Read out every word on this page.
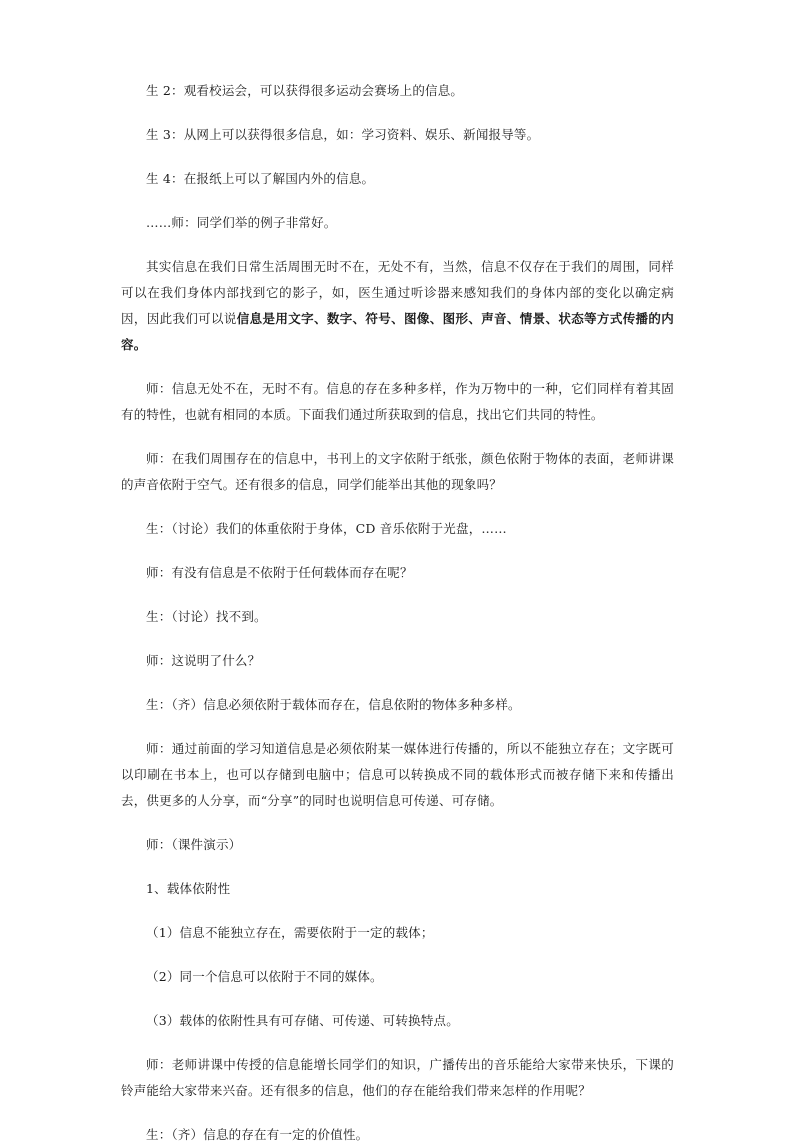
生 2：观看校运会，可以获得很多运动会赛场上的信息。

生 3：从网上可以获得很多信息，如：学习资料、娱乐、新闻报导等。

生 4：在报纸上可以了解国内外的信息。

……师：同学们举的例子非常好。

其实信息在我们日常生活周围无时不在，无处不有，当然，信息不仅存在于我们的周围，同样可以在我们身体内部找到它的影子，如，医生通过听诊器来感知我们的身体内部的变化以确定病因，因此我们可以说信息是用文字、数字、符号、图像、图形、声音、情景、状态等方式传播的内容。

师：信息无处不在，无时不有。信息的存在多种多样，作为万物中的一种，它们同样有着其固有的特性，也就有相同的本质。下面我们通过所获取到的信息，找出它们共同的特性。

师：在我们周围存在的信息中，书刊上的文字依附于纸张，颜色依附于物体的表面，老师讲课的声音依附于空气。还有很多的信息，同学们能举出其他的现象吗？

生：（讨论）我们的体重依附于身体，CD 音乐依附于光盘，……

师：有没有信息是不依附于任何载体而存在呢？

生：（讨论）找不到。

师：这说明了什么？

生：（齐）信息必须依附于载体而存在，信息依附的物体多种多样。

师：通过前面的学习知道信息是必须依附某一媒体进行传播的，所以不能独立存在；文字既可以印刷在书本上，也可以存储到电脑中；信息可以转换成不同的载体形式而被存储下来和传播出去，供更多的人分享，而“分享”的同时也说明信息可传递、可存储。

师：（课件演示）

1、载体依附性

（1）信息不能独立存在，需要依附于一定的载体；

（2）同一个信息可以依附于不同的媒体。

（3）载体的依附性具有可存储、可传递、可转换特点。

师：老师讲课中传授的信息能增长同学们的知识，广播传出的音乐能给大家带来快乐，下课的铃声能给大家带来兴奋。还有很多的信息，他们的存在能给我们带来怎样的作用呢？

生：（齐）信息的存在有一定的价值性。
